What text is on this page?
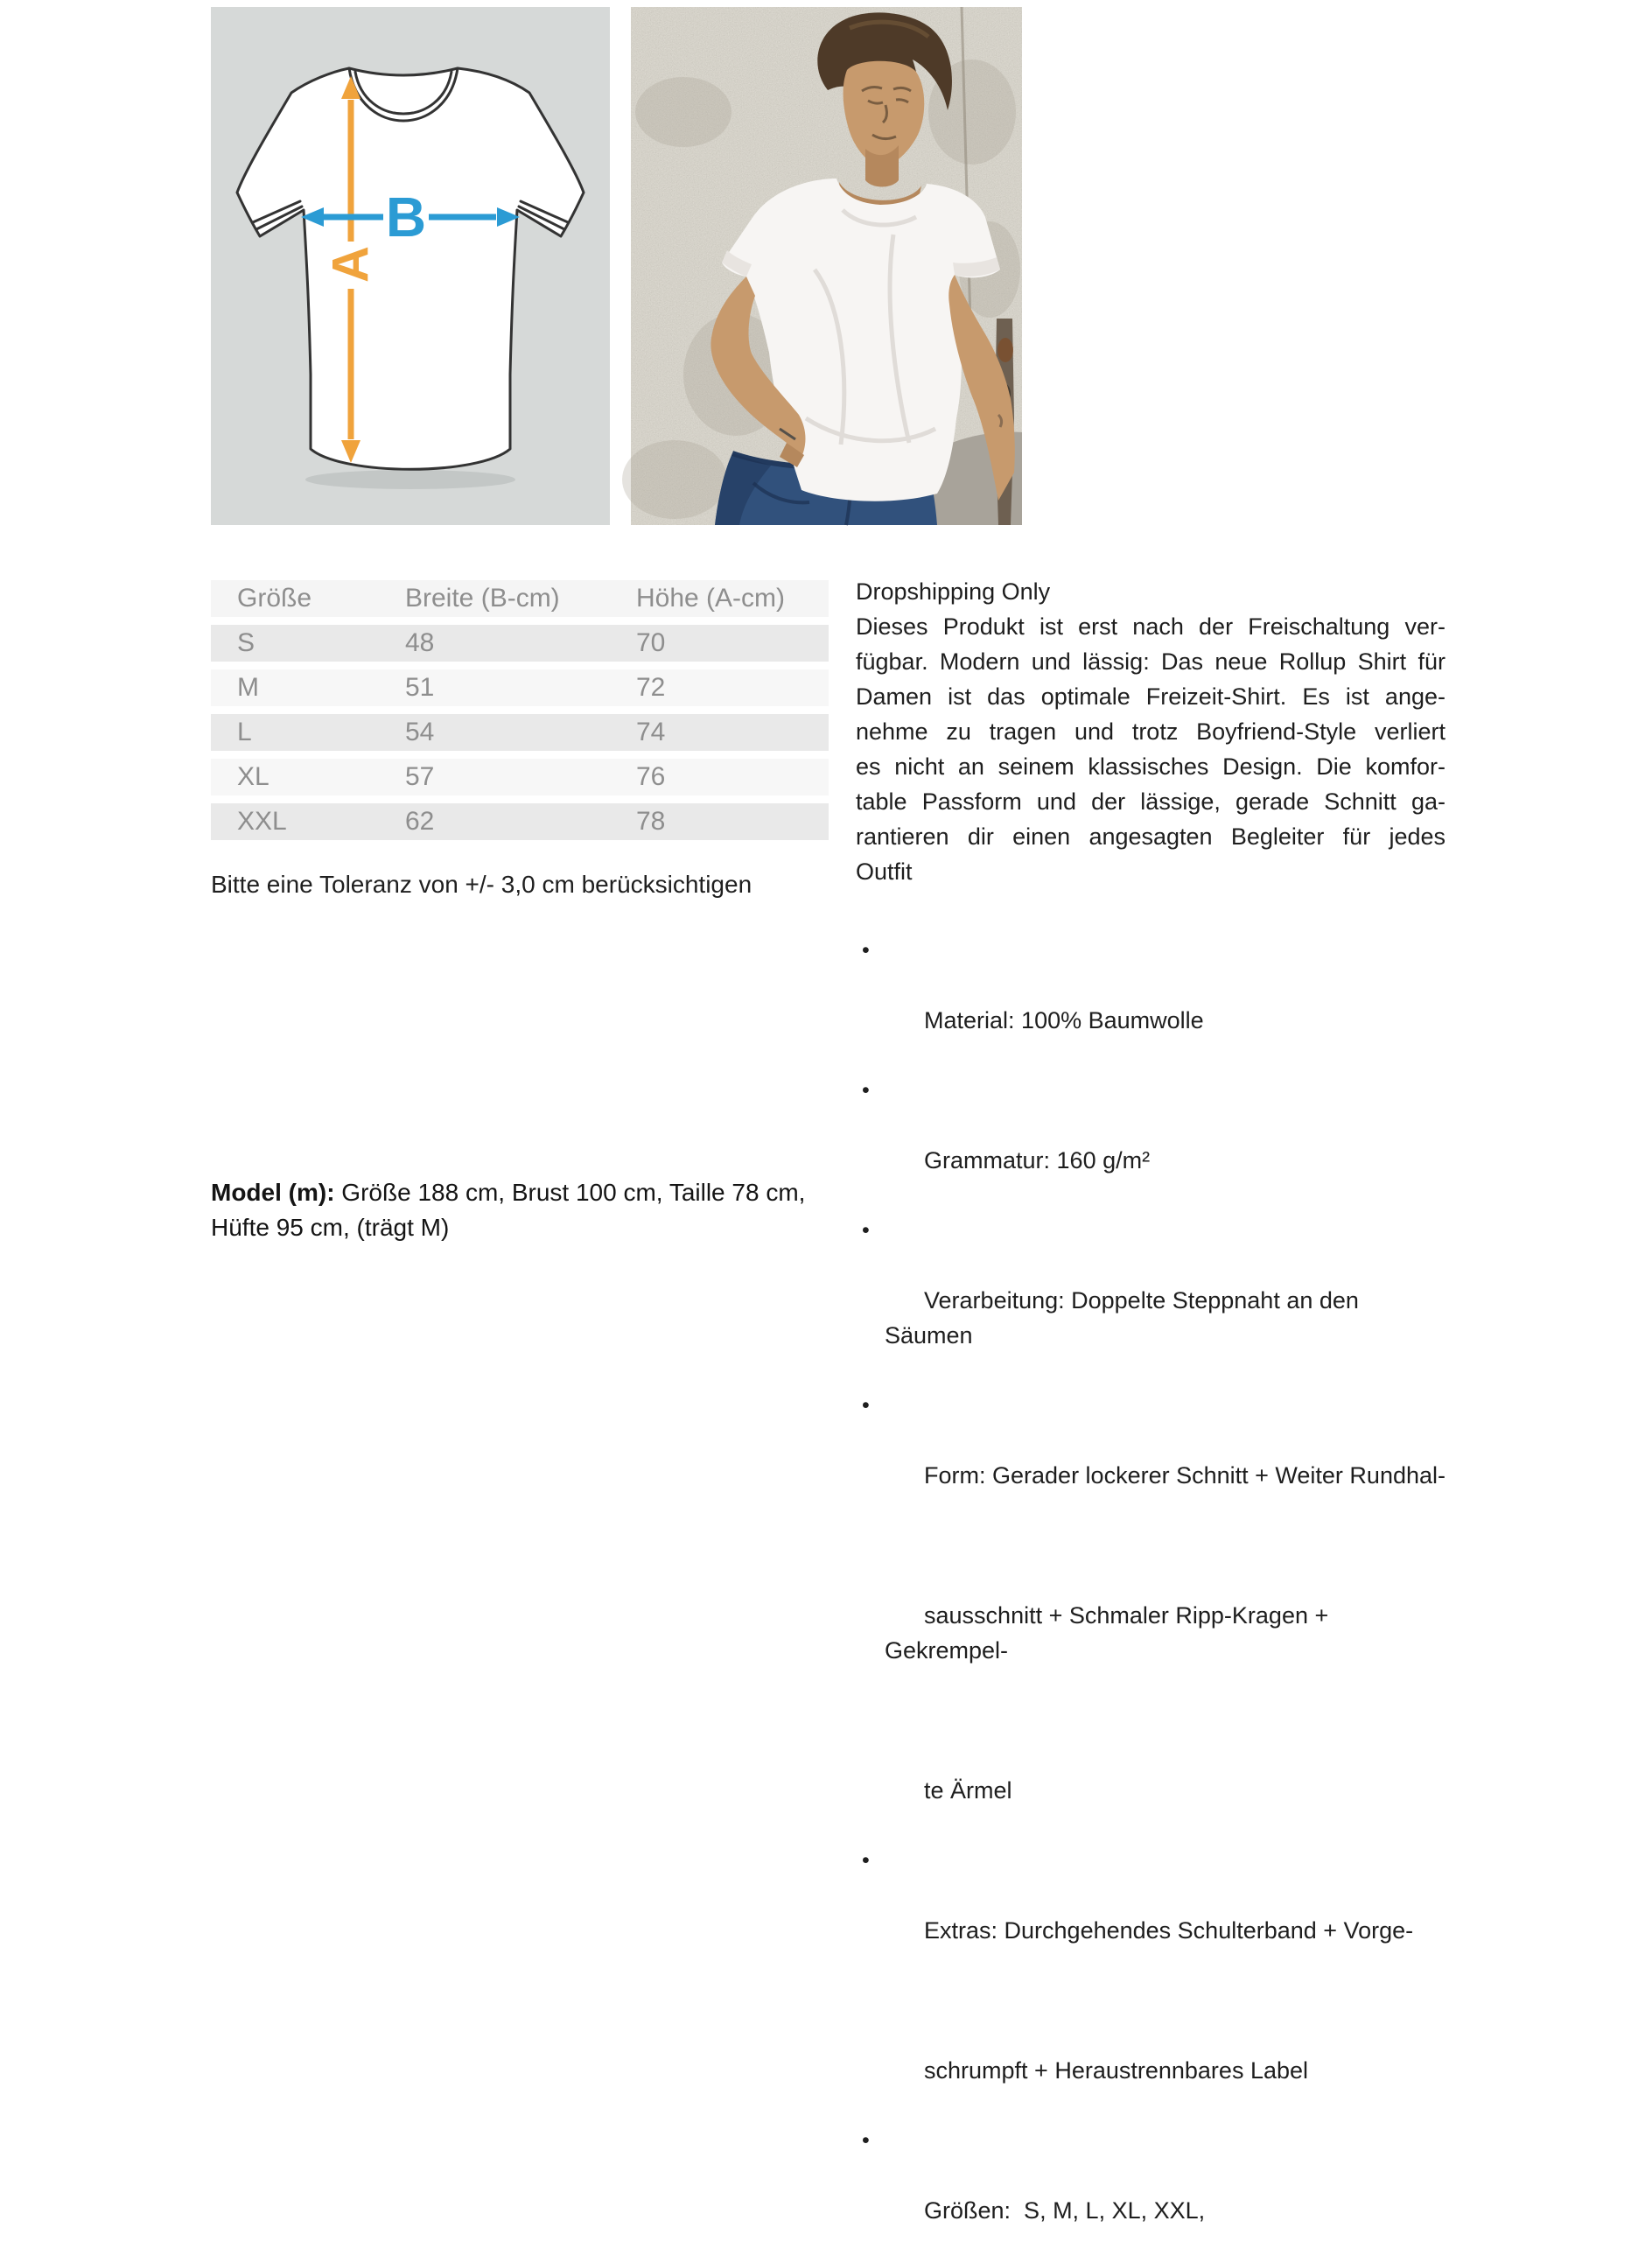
A
B
Größe	Breite (B-cm)	Höhe (A-cm)
S	48	70
M	51	72
L	54	74
XL	57	76
XXL	62	78
Bitte eine Toleranz von +/- 3,0 cm berücksichtigen
Dropshipping Only
Dieses Produkt ist erst nach der Freischaltung ver-
fügbar. Modern und lässig: Das neue Rollup Shirt für
Damen ist das optimale Freizeit-Shirt. Es ist ange-
nehme zu tragen und trotz Boyfriend-Style verliert
es nicht an seinem klassisches Design. Die komfor-
table Passform und der lässige, gerade Schnitt ga-
rantieren dir einen angesagten Begleiter für jedes
Outfit

•

Material: 100% Baumwolle

•

Grammatur: 160 g/m²

•

Verarbeitung: Doppelte Steppnaht an den Säumen

•

Form: Gerader lockerer Schnitt + Weiter Rundhal-

sausschnitt + Schmaler Ripp-Kragen + Gekrempel-

te Ärmel

•

Extras: Durchgehendes Schulterband + Vorge-

schrumpft + Heraustrennbares Label

•

Größen:  S, M, L, XL, XXL,

Model (m): Größe 188 cm, Brust 100 cm, Taille 78 cm,
Hüfte 95 cm, (trägt M)
